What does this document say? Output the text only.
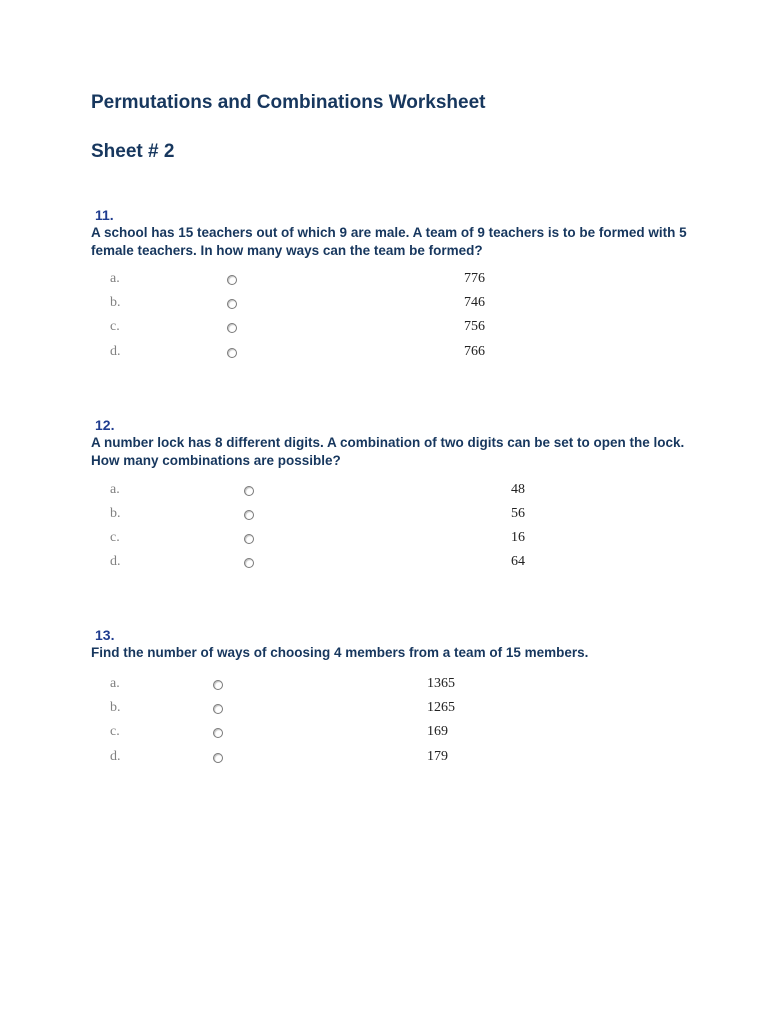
Permutations and Combinations Worksheet
Sheet # 2
11.

A school has 15 teachers out of which 9 are male. A team of 9 teachers is to be formed with 5 female teachers. In how many ways can the team be formed?

a.	776
b.	746
c.	756
d.	766
12.

A number lock has 8 different digits. A combination of two digits can be set to open the lock. How many combinations are possible?

a.	48
b.	56
c.	16
d.	64
13.

Find the number of ways of choosing 4 members from a team of 15 members.

a.	1365
b.	1265
c.	169
d.	179
